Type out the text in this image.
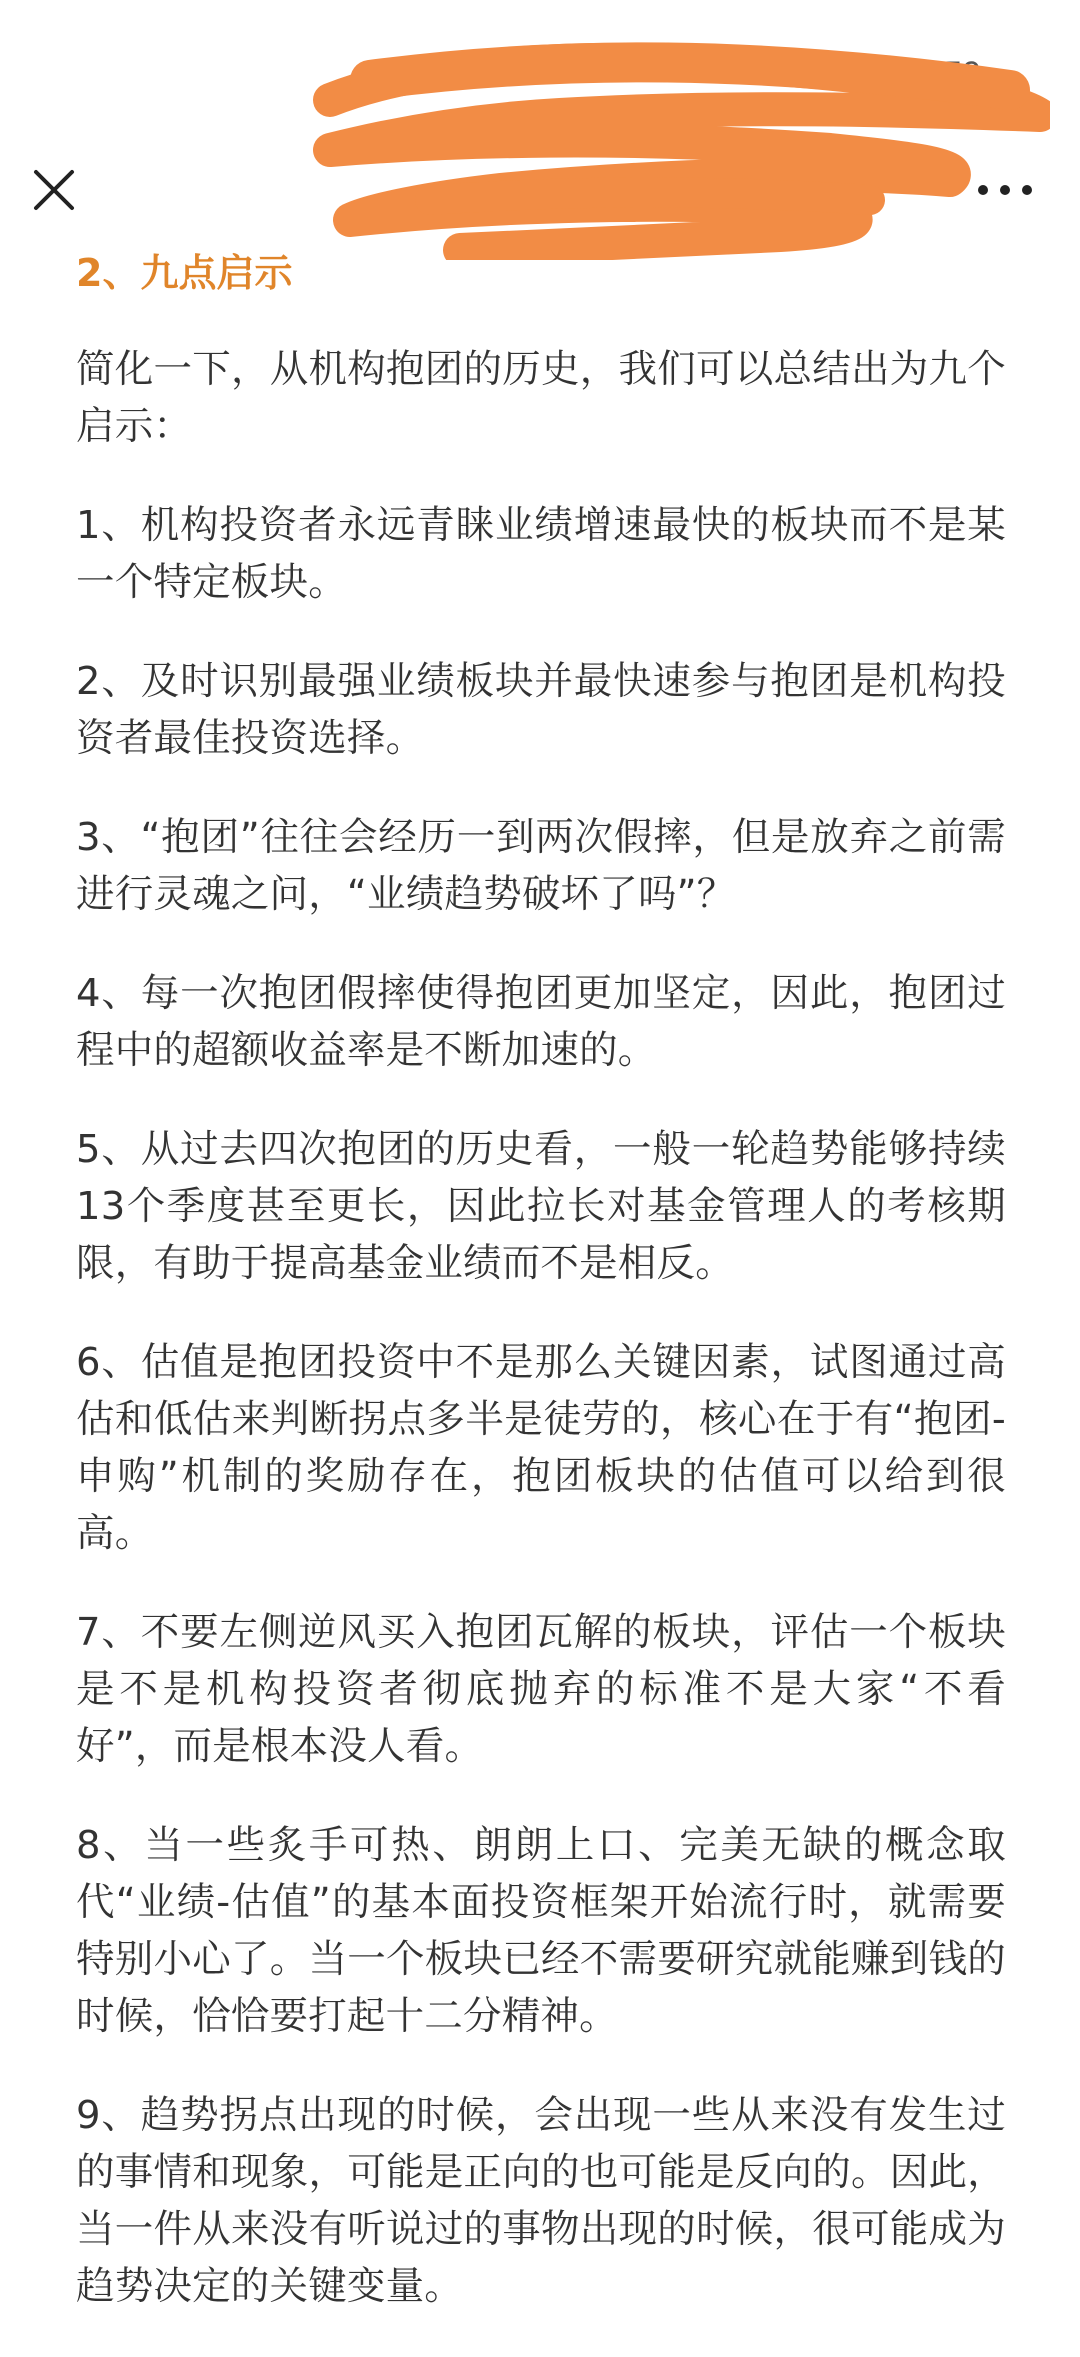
9:59
2、九点启示

简化一下，从机构抱团的历史，我们可以总结出为九个启示：

1、机构投资者永远青睐业绩增速最快的板块而不是某一个特定板块。

2、及时识别最强业绩板块并最快速参与抱团是机构投资者最佳投资选择。

3、“抱团”往往会经历一到两次假摔，但是放弃之前需进行灵魂之问，“业绩趋势破坏了吗”？

4、每一次抱团假摔使得抱团更加坚定，因此，抱团过程中的超额收益率是不断加速的。

5、从过去四次抱团的历史看，一般一轮趋势能够持续13个季度甚至更长，因此拉长对基金管理人的考核期限，有助于提高基金业绩而不是相反。

6、估值是抱团投资中不是那么关键因素，试图通过高估和低估来判断拐点多半是徒劳的，核心在于有“抱团-申购”机制的奖励存在，抱团板块的估值可以给到很高。

7、不要左侧逆风买入抱团瓦解的板块，评估一个板块是不是机构投资者彻底抛弃的标准不是大家“不看好”，而是根本没人看。

8、当一些炙手可热、朗朗上口、完美无缺的概念取代“业绩-估值”的基本面投资框架开始流行时，就需要特别小心了。当一个板块已经不需要研究就能赚到钱的时候，恰恰要打起十二分精神。

9、趋势拐点出现的时候，会出现一些从来没有发生过的事情和现象，可能是正向的也可能是反向的。因此，当一件从来没有听说过的事物出现的时候，很可能成为趋势决定的关键变量。
